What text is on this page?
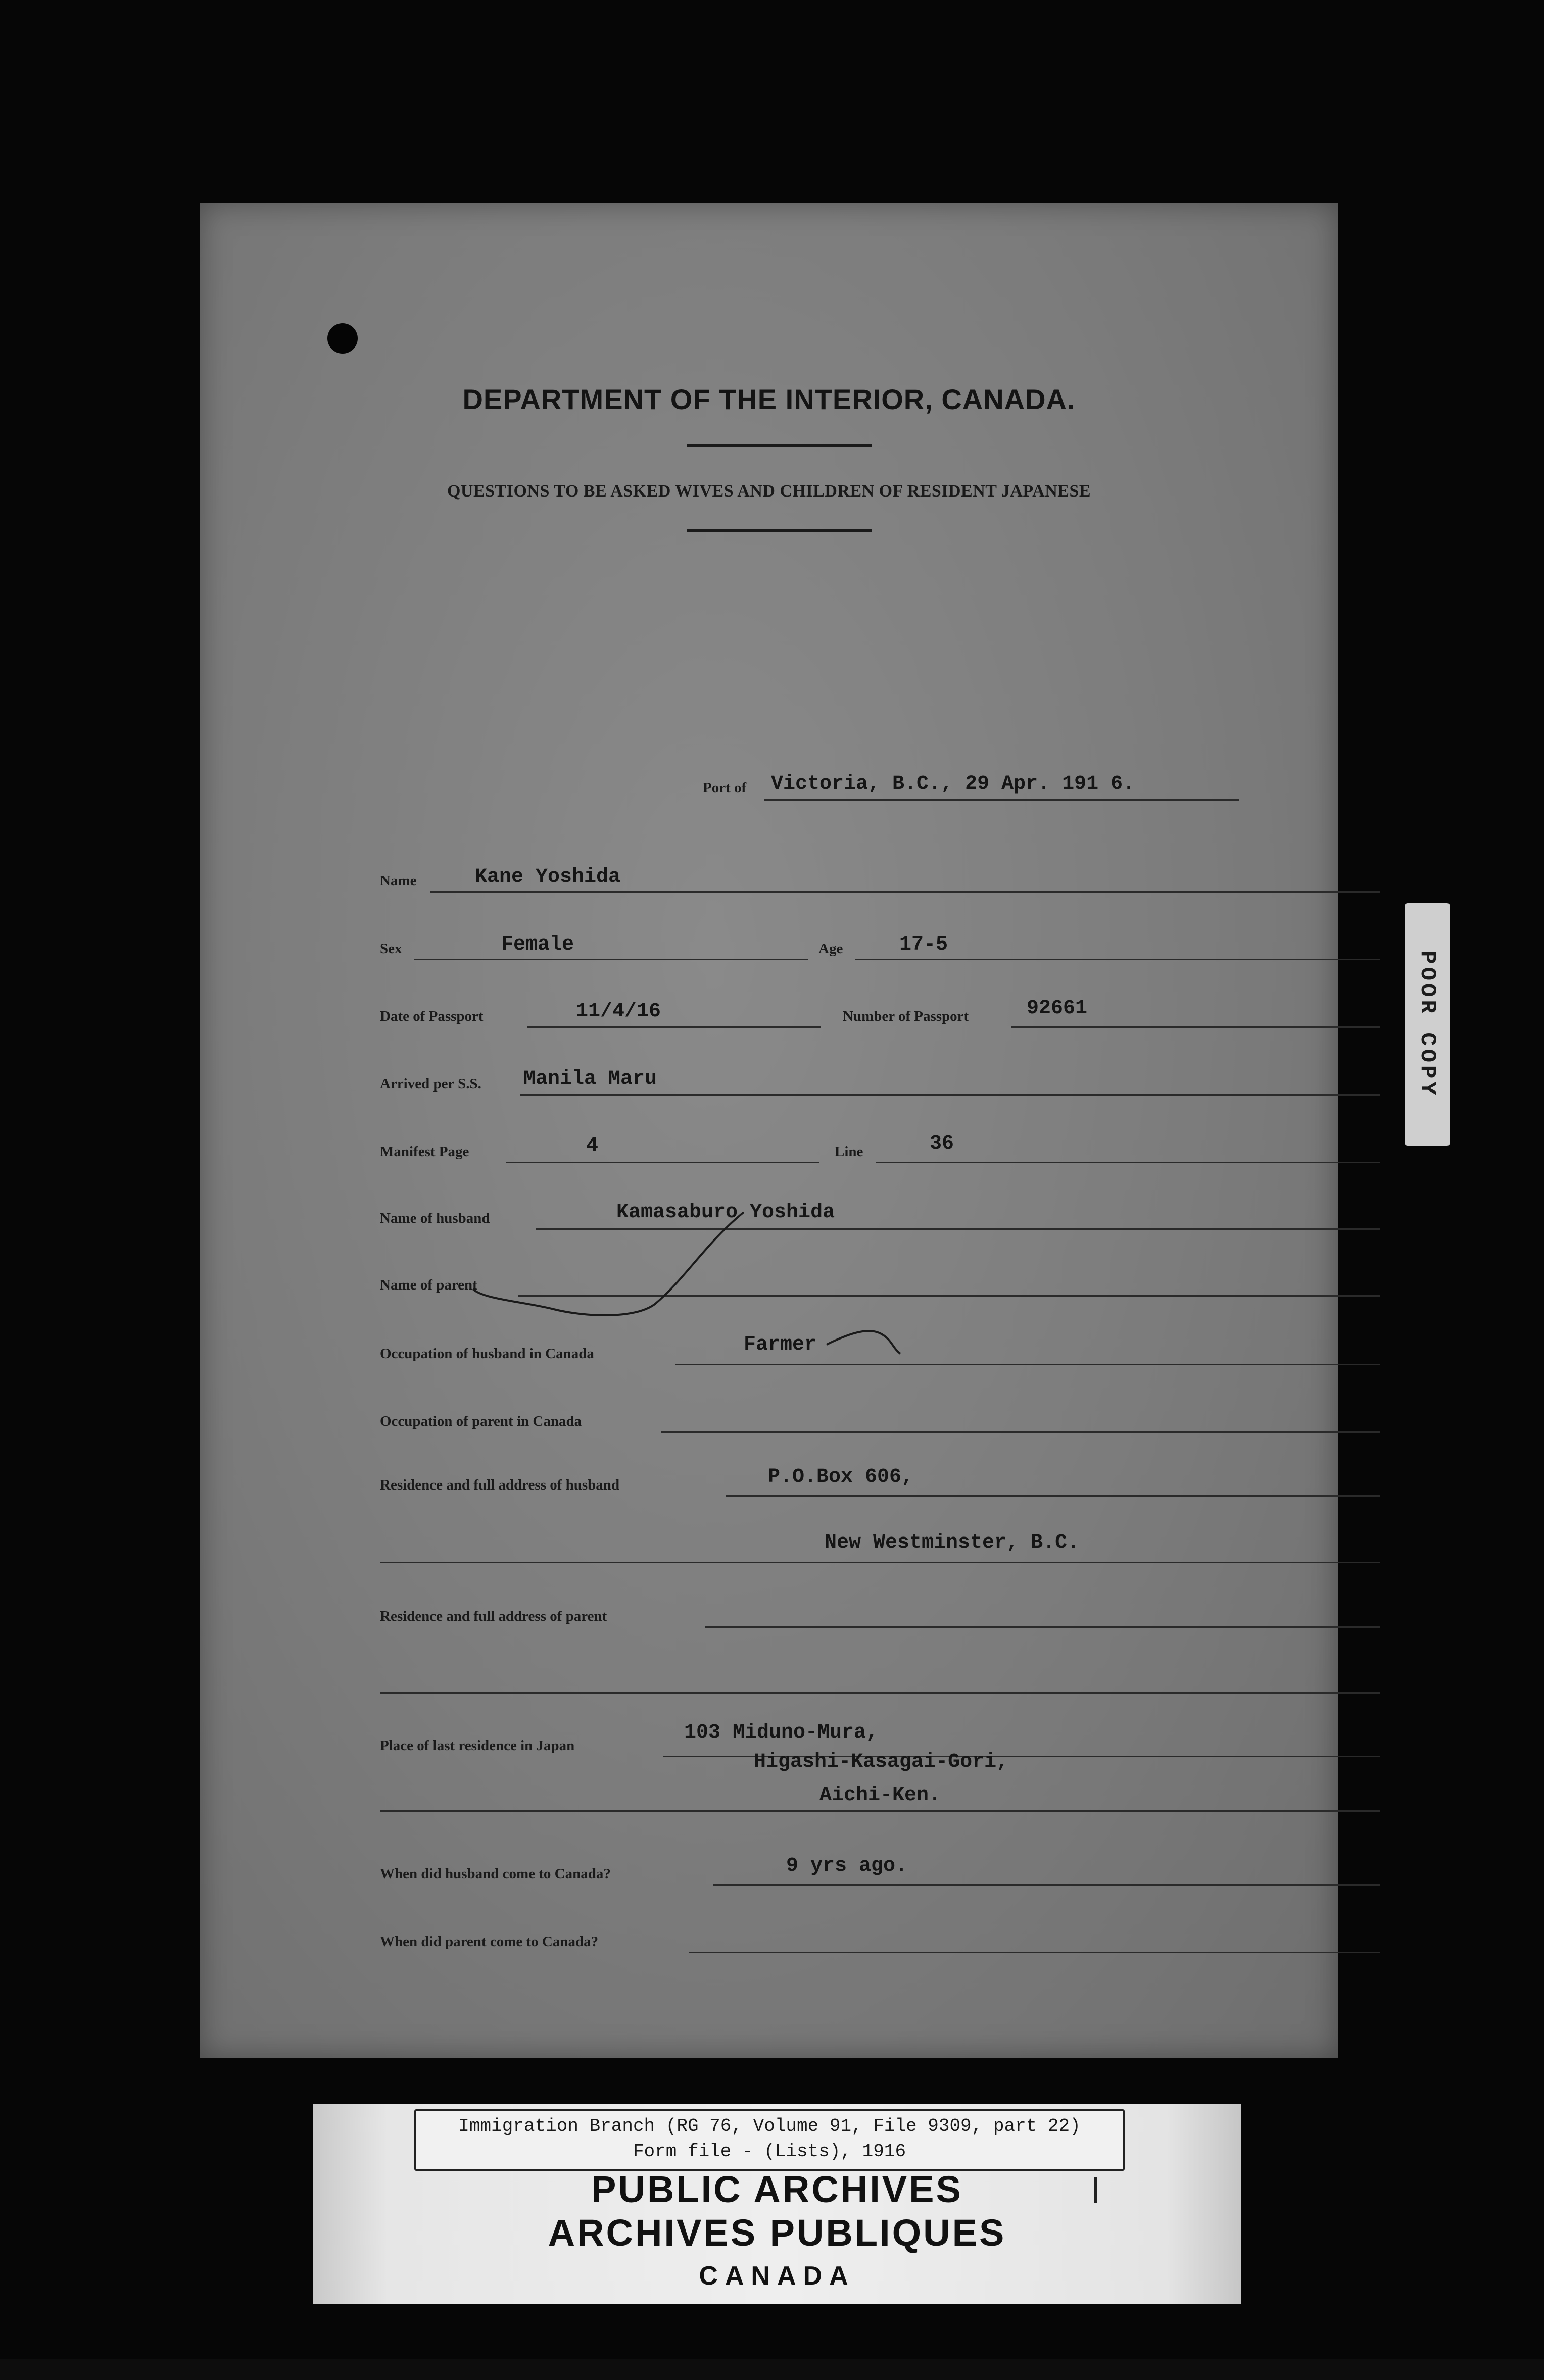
DEPARTMENT OF THE INTERIOR, CANADA.
QUESTIONS TO BE ASKED WIVES AND CHILDREN OF RESIDENT JAPANESE
Port of Victoria, B.C., 29 Apr. 191 6.
Name	Kane Yoshida
Sex	Female	Age	17-5
Date of Passport	11/4/16	Number of Passport	92661
Arrived per S.S. Manila Maru
Manifest Page	4	Line	36
Name of husband	Kamasaburo Yoshida
Name of parent
Occupation of husband in Canada	Farmer
Occupation of parent in Canada
Residence and full address of husband	P.O.Box 606,
New Westminster, B.C.
Residence and full address of parent
Place of last residence in Japan
103 Miduno-Mura,
Higashi-Kasagai-Gori,
Aichi-Ken.
When did husband come to Canada?	9 yrs ago.
When did parent come to Canada?
POOR COPY
Immigration Branch (RG 76, Volume 91, File 9309, part 22)
Form file - (Lists), 1916
PUBLIC ARCHIVES
ARCHIVES PUBLIQUES
CANADA
